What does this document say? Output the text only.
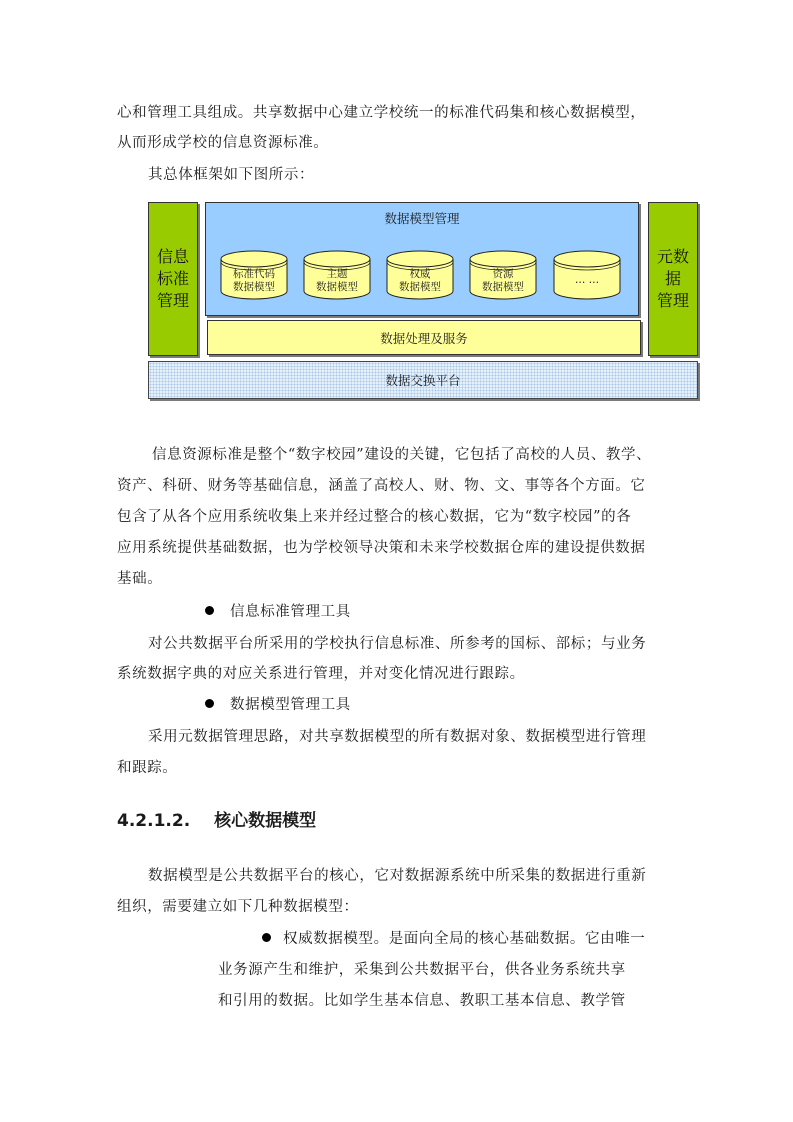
心和管理工具组成。共享数据中心建立学校统一的标准代码集和核心数据模型，
从而形成学校的信息资源标准。
其总体框架如下图所示：
信息
标准
管理
数据模型管理
标准代码
数据模型
主题
数据模型
权威
数据模型
资源
数据模型
… …
数据处理及服务
元数
据
管理
数据交换平台
信息资源标准是整个“数字校园”建设的关键，它包括了高校的人员、教学、
资产、科研、财务等基础信息，涵盖了高校人、财、物、文、事等各个方面。它
包含了从各个应用系统收集上来并经过整合的核心数据，它为“数字校园”的各
应用系统提供基础数据，也为学校领导决策和未来学校数据仓库的建设提供数据
基础。
信息标准管理工具
对公共数据平台所采用的学校执行信息标准、所参考的国标、部标；与业务
系统数据字典的对应关系进行管理，并对变化情况进行跟踪。
数据模型管理工具
采用元数据管理思路，对共享数据模型的所有数据对象、数据模型进行管理
和跟踪。
4.2.1.2. 核心数据模型
数据模型是公共数据平台的核心，它对数据源系统中所采集的数据进行重新
组织，需要建立如下几种数据模型：
权威数据模型。是面向全局的核心基础数据。它由唯一
业务源产生和维护，采集到公共数据平台，供各业务系统共享
和引用的数据。比如学生基本信息、教职工基本信息、教学管
